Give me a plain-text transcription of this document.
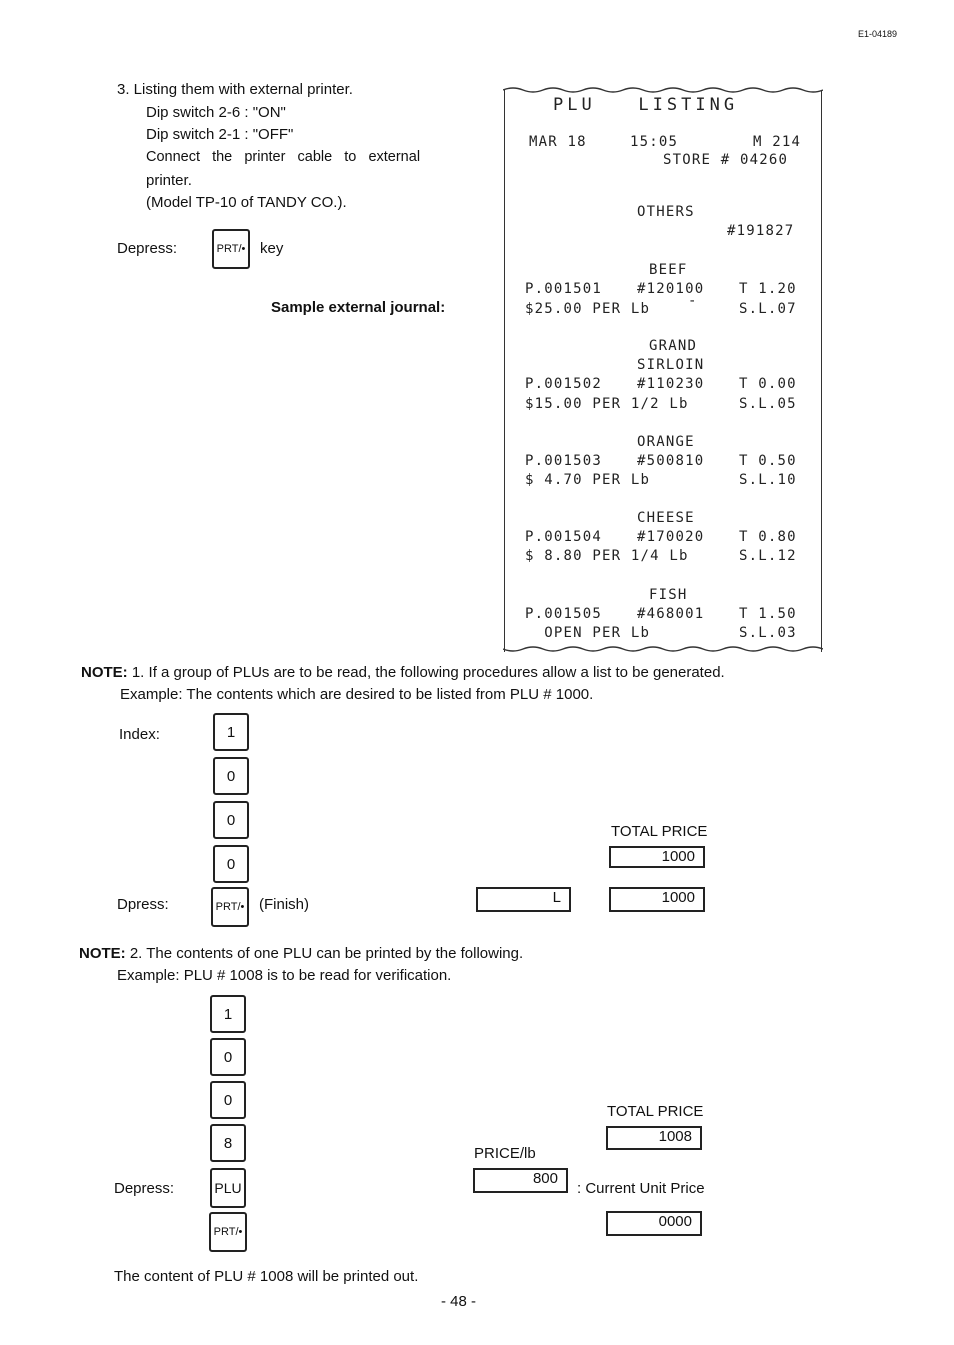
E1-04189
3. Listing them with external printer.
Dip switch 2-6 : "ON"
Dip switch 2-1 : "OFF"
Connect   the   printer   cable   to   external
printer.
(Model TP-10 of TANDY CO.).
Depress:	PRT/• key
Sample external journal:
PLU   LISTING
MAR 18	15:05	M 214
STORE # 04260
OTHERS
#191827
BEEF
P.001501 #120100 T 1.20
$25.00 PER Lb	-	S.L.07
GRAND
SIRLOIN
P.001502 #110230 T 0.00
$15.00 PER 1/2 Lb	S.L.05
ORANGE
P.001503 #500810 T 0.50
$ 4.70 PER Lb	S.L.10
CHEESE
P.001504 #170020 T 0.80
$ 8.80 PER 1/4 Lb	S.L.12
FISH
P.001505 #468001 T 1.50
OPEN PER Lb	S.L.03
NOTE: 1. If a group of PLUs are to be read, the following procedures allow a list to be generated.
Example: The contents which are desired to be listed from PLU # 1000.
Index:	1
0
0
0
Dpress:	PRT/• (Finish)
TOTAL PRICE
1000
L	1000
NOTE: 2. The contents of one PLU can be printed by the following.
Example: PLU # 1008 is to be read for verification.
1
0
0
8
Depress:	PLU
PRT/•
TOTAL PRICE
1008
PRICE/lb
800
: Current Unit Price
0000
The content of PLU # 1008 will be printed out.
- 48 -
